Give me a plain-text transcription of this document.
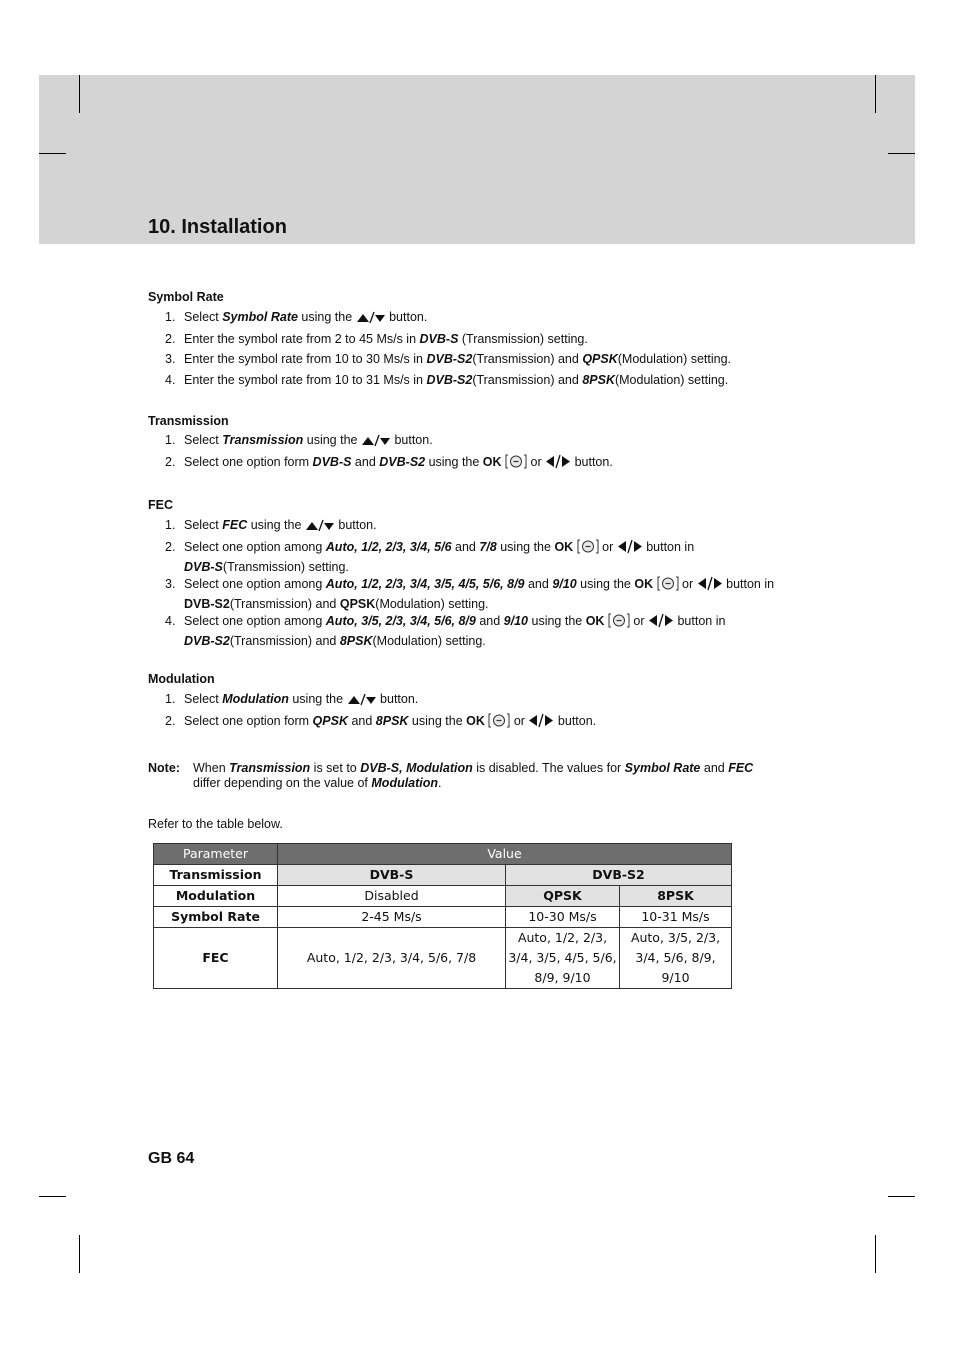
10. Installation
Symbol Rate
1. Select Symbol Rate using the  button.
2. Enter the symbol rate from 2 to 45 Ms/s in DVB-S (Transmission) setting.
3. Enter the symbol rate from 10 to 30 Ms/s in DVB-S2(Transmission) and QPSK(Modulation) setting.
4. Enter the symbol rate from 10 to 31 Ms/s in DVB-S2(Transmission) and 8PSK(Modulation) setting.
Transmission
1. Select Transmission using the  button.
2. Select one option form DVB-S and DVB-S2 using the OK  or  button.
FEC
1. Select FEC using the  button.
2. Select one option among Auto, 1/2, 2/3, 3/4, 5/6 and 7/8 using the OK  or  button in
DVB-S(Transmission) setting.
3. Select one option among Auto, 1/2, 2/3, 3/4, 3/5, 4/5, 5/6, 8/9 and 9/10 using the OK  or  button in
DVB-S2(Transmission) and QPSK(Modulation) setting.
4. Select one option among Auto, 3/5, 2/3, 3/4, 5/6, 8/9 and 9/10 using the OK  or  button in
DVB-S2(Transmission) and 8PSK(Modulation) setting.
Modulation
1. Select Modulation using the  button.
2. Select one option form QPSK and 8PSK using the OK  or  button.
Note: When Transmission is set to DVB-S, Modulation is disabled. The values for Symbol Rate and FEC
differ depending on the value of Modulation.
Refer to the table below.
Parameter	Value		
Transmission	DVB-S	DVB-S2	
Modulation	Disabled	QPSK	8PSK
Symbol Rate	2-45 Ms/s	10-30 Ms/s	10-31 Ms/s
FEC	Auto, 1/2, 2/3, 3/4, 5/6, 7/8	Auto, 1/2, 2/3, 3/4, 3/5, 4/5, 5/6, 8/9, 9/10	Auto, 3/5, 2/3, 3/4, 5/6, 8/9, 9/10
GB 64
